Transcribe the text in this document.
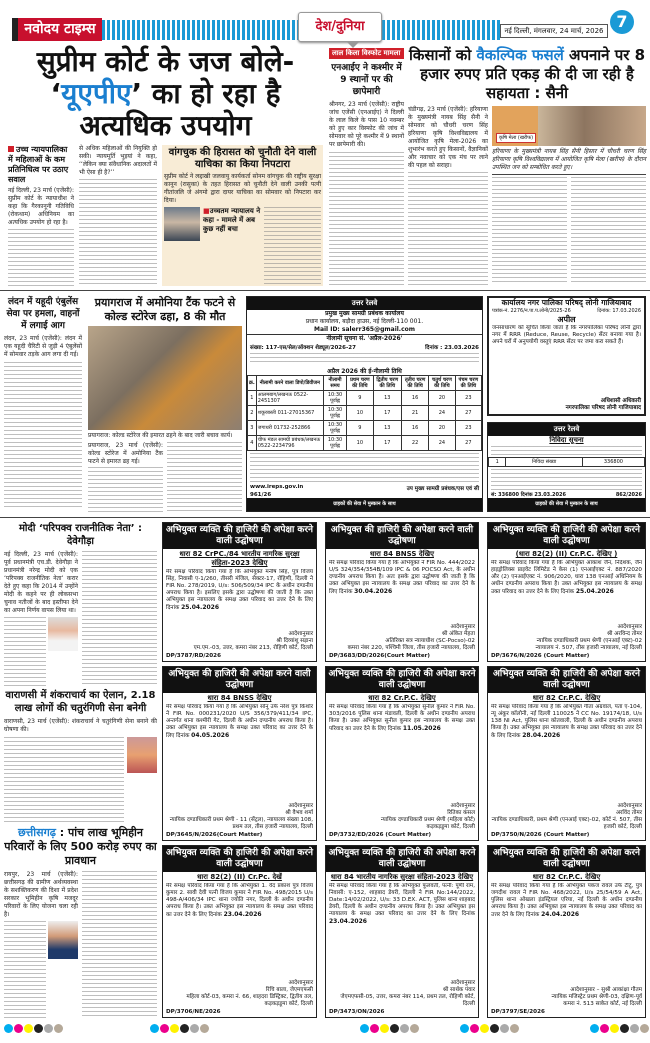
नवोदय टाइम्स	देश/दुनिया	नई दिल्ली, मंगलवार, 24 मार्च, 2026 7
सुप्रीम कोर्ट के जज बोले- ‘यूएपीए’ का हो रहा है अत्यधिक उपयोग
उच्च न्यायपालिका में महिलाओं के कम प्रतिनिधित्व पर उठाए सवाल
नई दिल्ली, 23 मार्च (एजेंसी): सुप्रीम कोर्ट के न्यायाधीश ने कहा कि गैरकानूनी गतिविधि (रोकथाम) अधिनियम का अत्यधिक उपयोग हो रहा है।
से अधिक महिलाओं की नियुक्ति हो सकी। न्यायमूर्ति भुइयां ने कहा, ‘‘लेकिन क्या संवैधानिक अदालतों में भी ऐसा ही है?’’
वांगचुक की हिरासत को चुनौती देने वाली याचिका का किया निपटारा
सुप्रीम कोर्ट ने लद्दाखी जलवायु कार्यकर्ता सोनम वांगचुक की राष्ट्रीय सुरक्षा कानून (रासुका) के तहत हिरासत को चुनौती देने वाली उनकी पत्नी गीतांजलि जे अंगमो द्वारा दायर याचिका का सोमवार को निपटारा कर दिया।
■उच्चतम न्यायालय ने कहा - मामले में अब कुछ नहीं बचा
लाल किला विस्फोट मामला
एनआईए ने कश्मीर में 9 स्थानों पर की छापेमारी
श्रीनगर, 23 मार्च (एजेंसी): राष्ट्रीय जांच एजेंसी (एनआईए) ने दिल्ली के लाल किले के पास 10 नवम्बर को हुए कार विस्फोट की जांच में सोमवार को पूरे कश्मीर में 9 स्थानों पर छापेमारी की।
किसानों को वैकल्पिक फसलें अपनाने पर 8 हजार रुपए प्रति एकड़ की दी जा रही है सहायता : सैनी
चंडीगढ़, 23 मार्च (एजेंसी): हरियाणा के मुख्यमंत्री नायब सिंह सैनी ने सोमवार को चौधरी चरण सिंह हरियाणा कृषि विश्वविद्यालय में आयोजित कृषि मेला-2026 का शुभारंभ करते हुए किसानों, वैज्ञानिकों और नवाचार को एक मंच पर लाने की पहल को सराहा।
कृषि मेला (खरीफ)
हरियाणा के मुख्यमंत्री नायब सिंह सैनी हिसार में चौधरी चरण सिंह हरियाणा कृषि विश्वविद्यालय में आयोजित कृषि मेला (खरीफ) के दौरान उपस्थित जन को सम्बोधित करते हुए।
लंदन में यहूदी एंबुलेंस सेवा पर हमला, वाहनों में लगाई आग
लंदन, 23 मार्च (एजेंसी): लंदन में एक यहूदी चैरिटी से जुड़ी 4 एंबुलेंसों में सोमवार तड़के आग लगा दी गई।
प्रयागराज में अमोनिया टैंक फटने से कोल्ड स्टोरेज ढहा, 8 की मौत
प्रयागराज: कोल्ड स्टोरेज की इमारत ढहने के बाद जारी बचाव कार्य।
प्रयागराज, 23 मार्च (एजेंसी): कोल्ड स्टोरेज में अमोनिया टैंक फटने से इमारत ढह गई।
उत्तर रेलवे
प्रमुख मुख्य सामग्री प्रबंधक कार्यालय
प्रधान कार्यालय, बड़ौदा हाउस, नई दिल्ली-110 001.
Mail ID: salerr365@gmail.com
नीलामी सूचना सं. 'अप्रैल-2026'
संख्या: 117-एस/सेल/ऑक्शन शेड्यूल/2026-27	दिनांक : 23.03.2026
अप्रैल 2026 की ई-नीलामी तिथि
क्र.	नीलामी करने वाला डिपो/डिवीजन	नीलामी समय	प्रथम चरण की तिथि	द्वितीय चरण की तिथि	तृतीय चरण की तिथि	चतुर्थ चरण की तिथि	पंचम चरण की तिथि
1	आलमबाग/लखनऊ 0522-2451307	10:30 पूर्वाह्न	9	13	16	20	23
2	शकूरबस्ती 011-27015367	10:30 पूर्वाह्न	10	17	21	24	27
3	जगाधरी 01732-252866	10:30 पूर्वाह्न	9	13	16	20	23
4	चीफ मंडल सामग्री प्रबंधक/लखनऊ 0522-2234796	10:30 पूर्वाह्न	10	17	22	24	27
www.ireps.gov.in	उप मुख्य सामग्री प्रबंधक/एस एवं सी
961/26
ग्राहकों की सेवा में मुस्कान के साथ
कार्यालय नगर पालिका परिषद् लोनी गाजियाबाद
पत्रांक-नं. 2276/न.पा.प.लोनी/2025-26	दिनांक: 17.03.2026
अपील
जनसाधारण को सूचित किया जाता है कि नगरपालिका परिषद लोनी द्वारा नगर में RRR (Reduce, Reuse, Recycle) सेंटर बनाया गया है। अपने घरों में अनुपयोगी वस्तुएं RRR सेंटर पर जमा करा सकते हैं।
अधिशासी अधिकारी
नगरपालिका परिषद लोनी गाजियाबाद
उत्तर रेलवे
निविदा सूचना
1	निविदा संख्या	336800
सं: 336800 दिनांक 23.03.2026	862/2026
ग्राहकों की सेवा में मुस्कान के साथ
मोदी ‘परिपक्व राजनीतिक नेता’ : देवेगौड़ा
नई दिल्ली, 23 मार्च (एजेंसी): पूर्व प्रधानमंत्री एच.डी. देवेगौड़ा ने प्रधानमंत्री नरेन्द्र मोदी को एक ‘परिपक्व राजनीतिक नेता’ करार देते हुए कहा कि 2014 में उन्होंने मोदी के कहने पर ही लोकसभा चुनाव नतीजों के बाद इस्तीफा देने का अपना निर्णय वापस लिया था।
वाराणसी में शंकराचार्य का ऐलान, 2.18 लाख लोगों की चतुरंगिणी सेना बनेगी
वाराणसी, 23 मार्च (एजेंसी): शंकराचार्य ने चतुरंगिणी सेना बनाने की घोषणा की।
छत्तीसगढ़ : पांच लाख भूमिहीन परिवारों के लिए 500 करोड़ रुपए का प्रावधान
रायपुर, 23 मार्च (एजेंसी): छत्तीसगढ़ की ग्रामीण अर्थव्यवस्था के सशक्तिकरण की दिशा में प्रदेश सरकार भूमिहीन कृषि मजदूर परिवारों के लिए योजना चला रही है।
अभियुक्त व्यक्ति की हाजिरी की अपेक्षा करने वाली उद्घोषणा
धारा 82 CrPC./84 भारतीय नागरिक सुरक्षा संहिता-2023 देखिए
मेरे समक्ष परिवाद किया गया है कि अभियुक्त मनीष सिंह, पुत्र विजय सिंह, निवासी ए-1/260, तीसरी मंजिल, सेक्टर-17, रोहिणी, दिल्ली ने FIR No. 278/2019, U/s: 506/509/34 IPC के अधीन दण्डनीय अपराध किया है। इसलिए इसके द्वारा उद्घोषणा की जाती है कि उक्त अभियुक्त इस न्यायालय के समक्ष उक्त परिवाद का उत्तर देने के लिए दिनांक 25.04.2026
आदेशानुसार
श्री दिव्यांशु सड़ाना
एम.एम.-03, उत्तर, कमरा नंबर 213, रोहिणी कोर्ट, दिल्ली
DP/3787/RD/2026
अभियुक्त की हाजिरी की अपेक्षा करने वाली उद्घोषणा
धारा 84 BNSS देखिए
मेरे समक्ष परिवाद किया गया है कि अभियुक्त ने FIR No. 444/2022 U/S 324/354/354B/109 IPC & 06 POCSO Act, के अधीन दण्डनीय अपराध किया है। अतः इसके द्वारा उद्घोषणा की जाती है कि उक्त अभियुक्त इस न्यायालय के समक्ष उक्त परिवाद का उत्तर देने के लिए दिनांक 30.04.2026
आदेशानुसार
श्री अंकित मेहता
अतिरिक्त सत्र न्यायाधीश (SC-Pocso)-02
कमरा नंबर 220, पश्चिमी जिला, तीस हजारी न्यायालय, दिल्ली
DP/3683/DD/2026(Court Matter)
अभियुक्त व्यक्ति की हाजिरी की अपेक्षा करने वाली उद्घोषणा
(धारा 82(2) (II) Cr.P.C. देखिए )
मेरे समक्ष परिवाद किया गया है कि अभियुक्त आकाश जैन, निदेशक, जैन हाइड्रोलिक्स प्राइवेट लिमिटेड ने केस (1) एनआईएक्ट नं. 887/2020 और (2) एनआईएक्ट नं. 906/2020, धारा 138 एनआई अधिनियम के अधीन दण्डनीय अपराध किया है। उक्त अभियुक्त इस न्यायालय के समक्ष उक्त परिवाद का उत्तर देने के लिए दिनांक 25.04.2026
आदेशानुसार
श्री अरविन्द तोमर
न्यायिक दण्डाधिकारी प्रथम श्रेणी (एनआई एक्ट)-02
न्यायालय नं. 507, तीस हजारी न्यायालय, नई दिल्ली
DP/3676/N/2026 (Court Matter)
अभियुक्त की हाजिरी की अपेक्षा करने वाली उद्घोषणा
धारा 84 BNSS देखिए
मेरे समक्ष परिवाद किया गया है कि अभियुक्त सोनू उर्फ नरेश पुत्र किशोर ने FIR No. 000231/2020 U/S 356/379/411/34 IPC, अन्तर्गत थाना कश्मीरी गेट, दिल्ली के अधीन दण्डनीय अपराध किया है। उक्त अभियुक्त इस न्यायालय के समक्ष उक्त परिवाद का उत्तर देने के लिए दिनांक 04.05.2026
आदेशानुसार
श्री वैभव शर्मा
न्यायिक दण्डाधिकारी प्रथम श्रेणी - 11 (सेंट्रल), न्यायालय संख्या 108, प्रथम तल, तीस हजारी न्यायालय, दिल्ली
DP/3645/N/2026(Court Matter)
अभियुक्त व्यक्ति की हाजिरी की अपेक्षा करने वाली उद्घोषणा
धारा 82 Cr.P.C. देखिए
मेरे समक्ष परिवाद किया गया है कि अभियुक्त सुनील कुमार ने FIR No. 303/2016 पुलिस थाना मंडावली, दिल्ली के अधीन दण्डनीय अपराध किया है। उक्त अभियुक्त सुनील कुमार इस न्यायालय के समक्ष उक्त परिवाद का उत्तर देने के लिए दिनांक 11.05.2026
आदेशानुसार
रितिका कंसल
न्यायिक दण्डाधिकारी प्रथम श्रेणी (महिला कोर्ट)
कड़कड़डूमा कोर्ट, दिल्ली
DP/3732/ED/2026 (Court Matter)
अभियुक्त व्यक्ति की हाजिरी की अपेक्षा करने वाली उद्घोषणा
धारा 82 Cr.P.C. देखिए
मेरे समक्ष परिवाद किया गया है कि अभियुक्त गीता अग्रवाल, पता ए-104, न्यू अंकुर कॉलोनी, नई दिल्ली 110025 ने CC No. 19174/18, U/s 138 NI Act, पुलिस थाना कोतवाली, दिल्ली के अधीन दण्डनीय अपराध किया है। उक्त अभियुक्त इस न्यायालय के समक्ष उक्त परिवाद का उत्तर देने के लिए दिनांक 28.04.2026
आदेशानुसार
अरविंद तोमर
न्यायिक दण्डाधिकारी, प्रथम श्रेणी (एनआई एक्ट)-02, कोर्ट नं. 507, तीस हजारी कोर्ट, दिल्ली
DP/3750/N/2026 (Court Matter)
अभियुक्त व्यक्ति की हाजिरी की अपेक्षा करने वाली उद्घोषणा
धारा 82(2) (II) Cr.Pc. देखें
मेरे समक्ष परिवाद किया गया है कि अभियुक्त 1. वेद प्रकाश पुत्र विजय कुमार 2. सावी देवी पत्नी विजय कुमार ने FIR No. 498/2015 U/s 498-A/406/34 IPC थाना ज्योति नगर, दिल्ली के अधीन दण्डनीय अपराध किया है। उक्त अभियुक्त इस न्यायालय के समक्ष उक्त परिवाद का उत्तर देने के लिए दिनांक 23.04.2026
आदेशानुसार
रिचि बाला, जेएमएफसी
महिला कोर्ट-03, कमरा नं. 66, शाहदरा डिस्ट्रिक्ट, द्वितीय तल, कड़कड़डूमा कोर्ट, दिल्ली
DP/3706/NE/2026
अभियुक्त व्यक्ति की हाजिरी की अपेक्षा करने वाली उद्घोषणा
धारा 84 भारतीय नागरिक सुरक्षा संहिता-2023 देखिए
मेरे समक्ष परिवाद किया गया है कि अभियुक्त फूलवती, पत्नी: पूर्णी राम, निवासी: ए-152, शाहबाद डेयरी, दिल्ली ने FIR No:144/2022, Date:14/02/2022, U/s: 33 D.EX. ACT, पुलिस थाना शाहबाद डेयरी, दिल्ली के अधीन दण्डनीय अपराध किया है। उक्त अभियुक्त इस न्यायालय के समक्ष उक्त परिवाद का उत्तर देने के लिए दिनांक 23.04.2026
आदेशानुसार
श्री सार्थक पंवार
जेएमएफसी-05, उत्तर, कमरा नंबर 114, प्रथम तल, रोहिणी कोर्ट, दिल्ली
DP/3473/ON/2026
अभियुक्त व्यक्ति की हाजिरी की अपेक्षा करने वाली उद्घोषणा
धारा 82 Cr.P.C. देखिए
मेरे समक्ष परिवाद किया गया है कि अभियुक्त पंकज रावल उर्फ टीटू, पुत्र जगदीश रावल ने FIR No. 468/2022, U/s 25/54/59 A Act, पुलिस थाना ओखला इंडस्ट्रियल एरिया, नई दिल्ली के अधीन दण्डनीय अपराध किया है। उक्त अभियुक्त इस न्यायालय के समक्ष उक्त परिवाद का उत्तर देने के लिए दिनांक 24.04.2026
आदेशानुसार – सुश्री आकांक्षा गौतम
न्यायिक मजिस्ट्रेट प्रथम श्रेणी-03, दक्षिण-पूर्व
कमरा नं. 513 साकेत कोर्ट, नई दिल्ली
DP/3797/SE/2026
